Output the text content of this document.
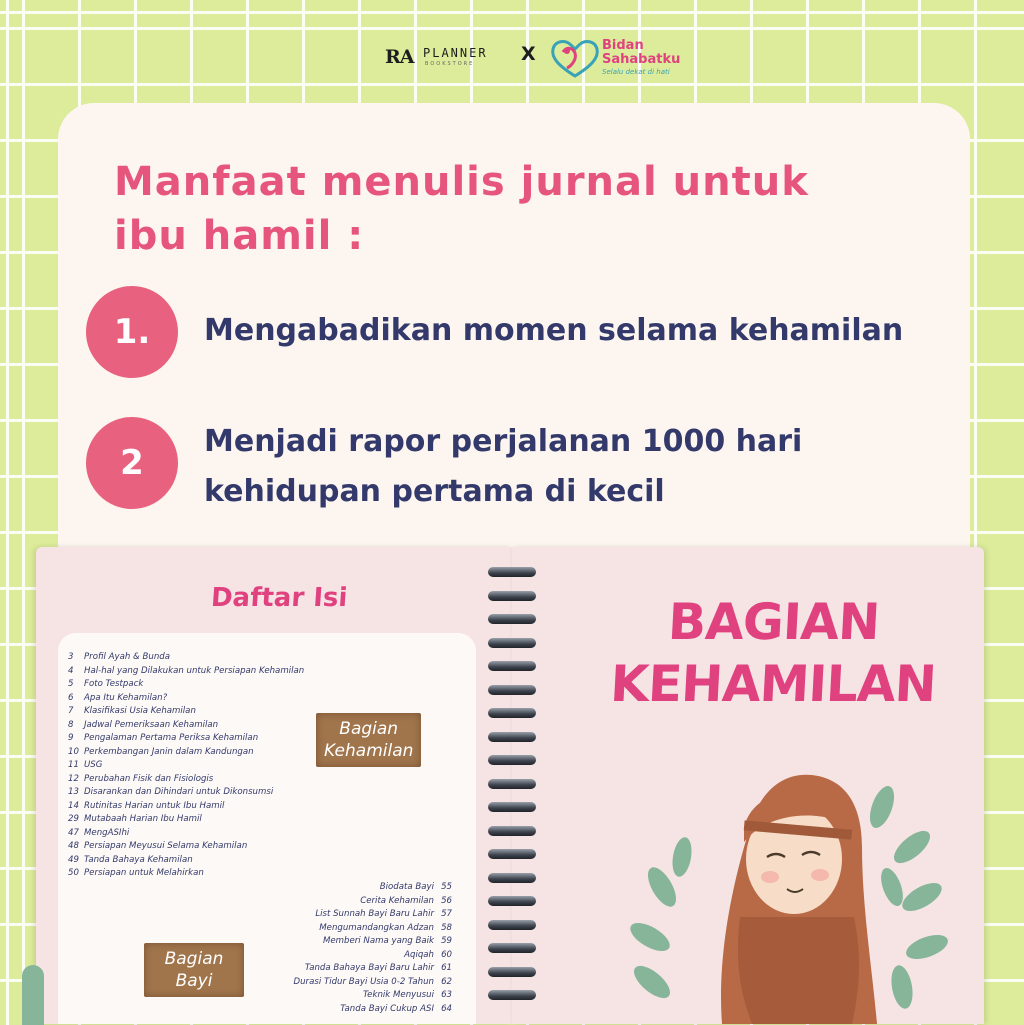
RA PLANNER
BOOKSTORE X	Bidan
Sahabatku
Selalu dekat di hati
Manfaat menulis jurnal untuk
ibu hamil :
1.	Mengabadikan momen selama kehamilan
2
Menjadi rapor perjalanan 1000 hari
kehidupan pertama di kecil
Daftar Isi
3 Profil Ayah & Bunda
4 Hal-hal yang Dilakukan untuk Persiapan Kehamilan
5 Foto Testpack
6 Apa Itu Kehamilan?
7 Klasifikasi Usia Kehamilan
8 Jadwal Pemeriksaan Kehamilan
9 Pengalaman Pertama Periksa Kehamilan
10 Perkembangan Janin dalam Kandungan
11 USG
12 Perubahan Fisik dan Fisiologis
13 Disarankan dan Dihindari untuk Dikonsumsi
14 Rutinitas Harian untuk Ibu Hamil
29 Mutabaah Harian Ibu Hamil
47 MengASIhi
48 Persiapan Meyusui Selama Kehamilan
49 Tanda Bahaya Kehamilan
50 Persiapan untuk Melahirkan
Bagian
Kehamilan
Biodata Bayi 55
Cerita Kehamilan 56
List Sunnah Bayi Baru Lahir 57
Mengumandangkan Adzan 58
Memberi Nama yang Baik 59
Aqiqah 60
Tanda Bahaya Bayi Baru Lahir 61
Durasi Tidur Bayi Usia 0-2 Tahun 62
Teknik Menyusui 63
Tanda Bayi Cukup ASI 64
Bagian
Bayi
BAGIAN
KEHAMILAN
